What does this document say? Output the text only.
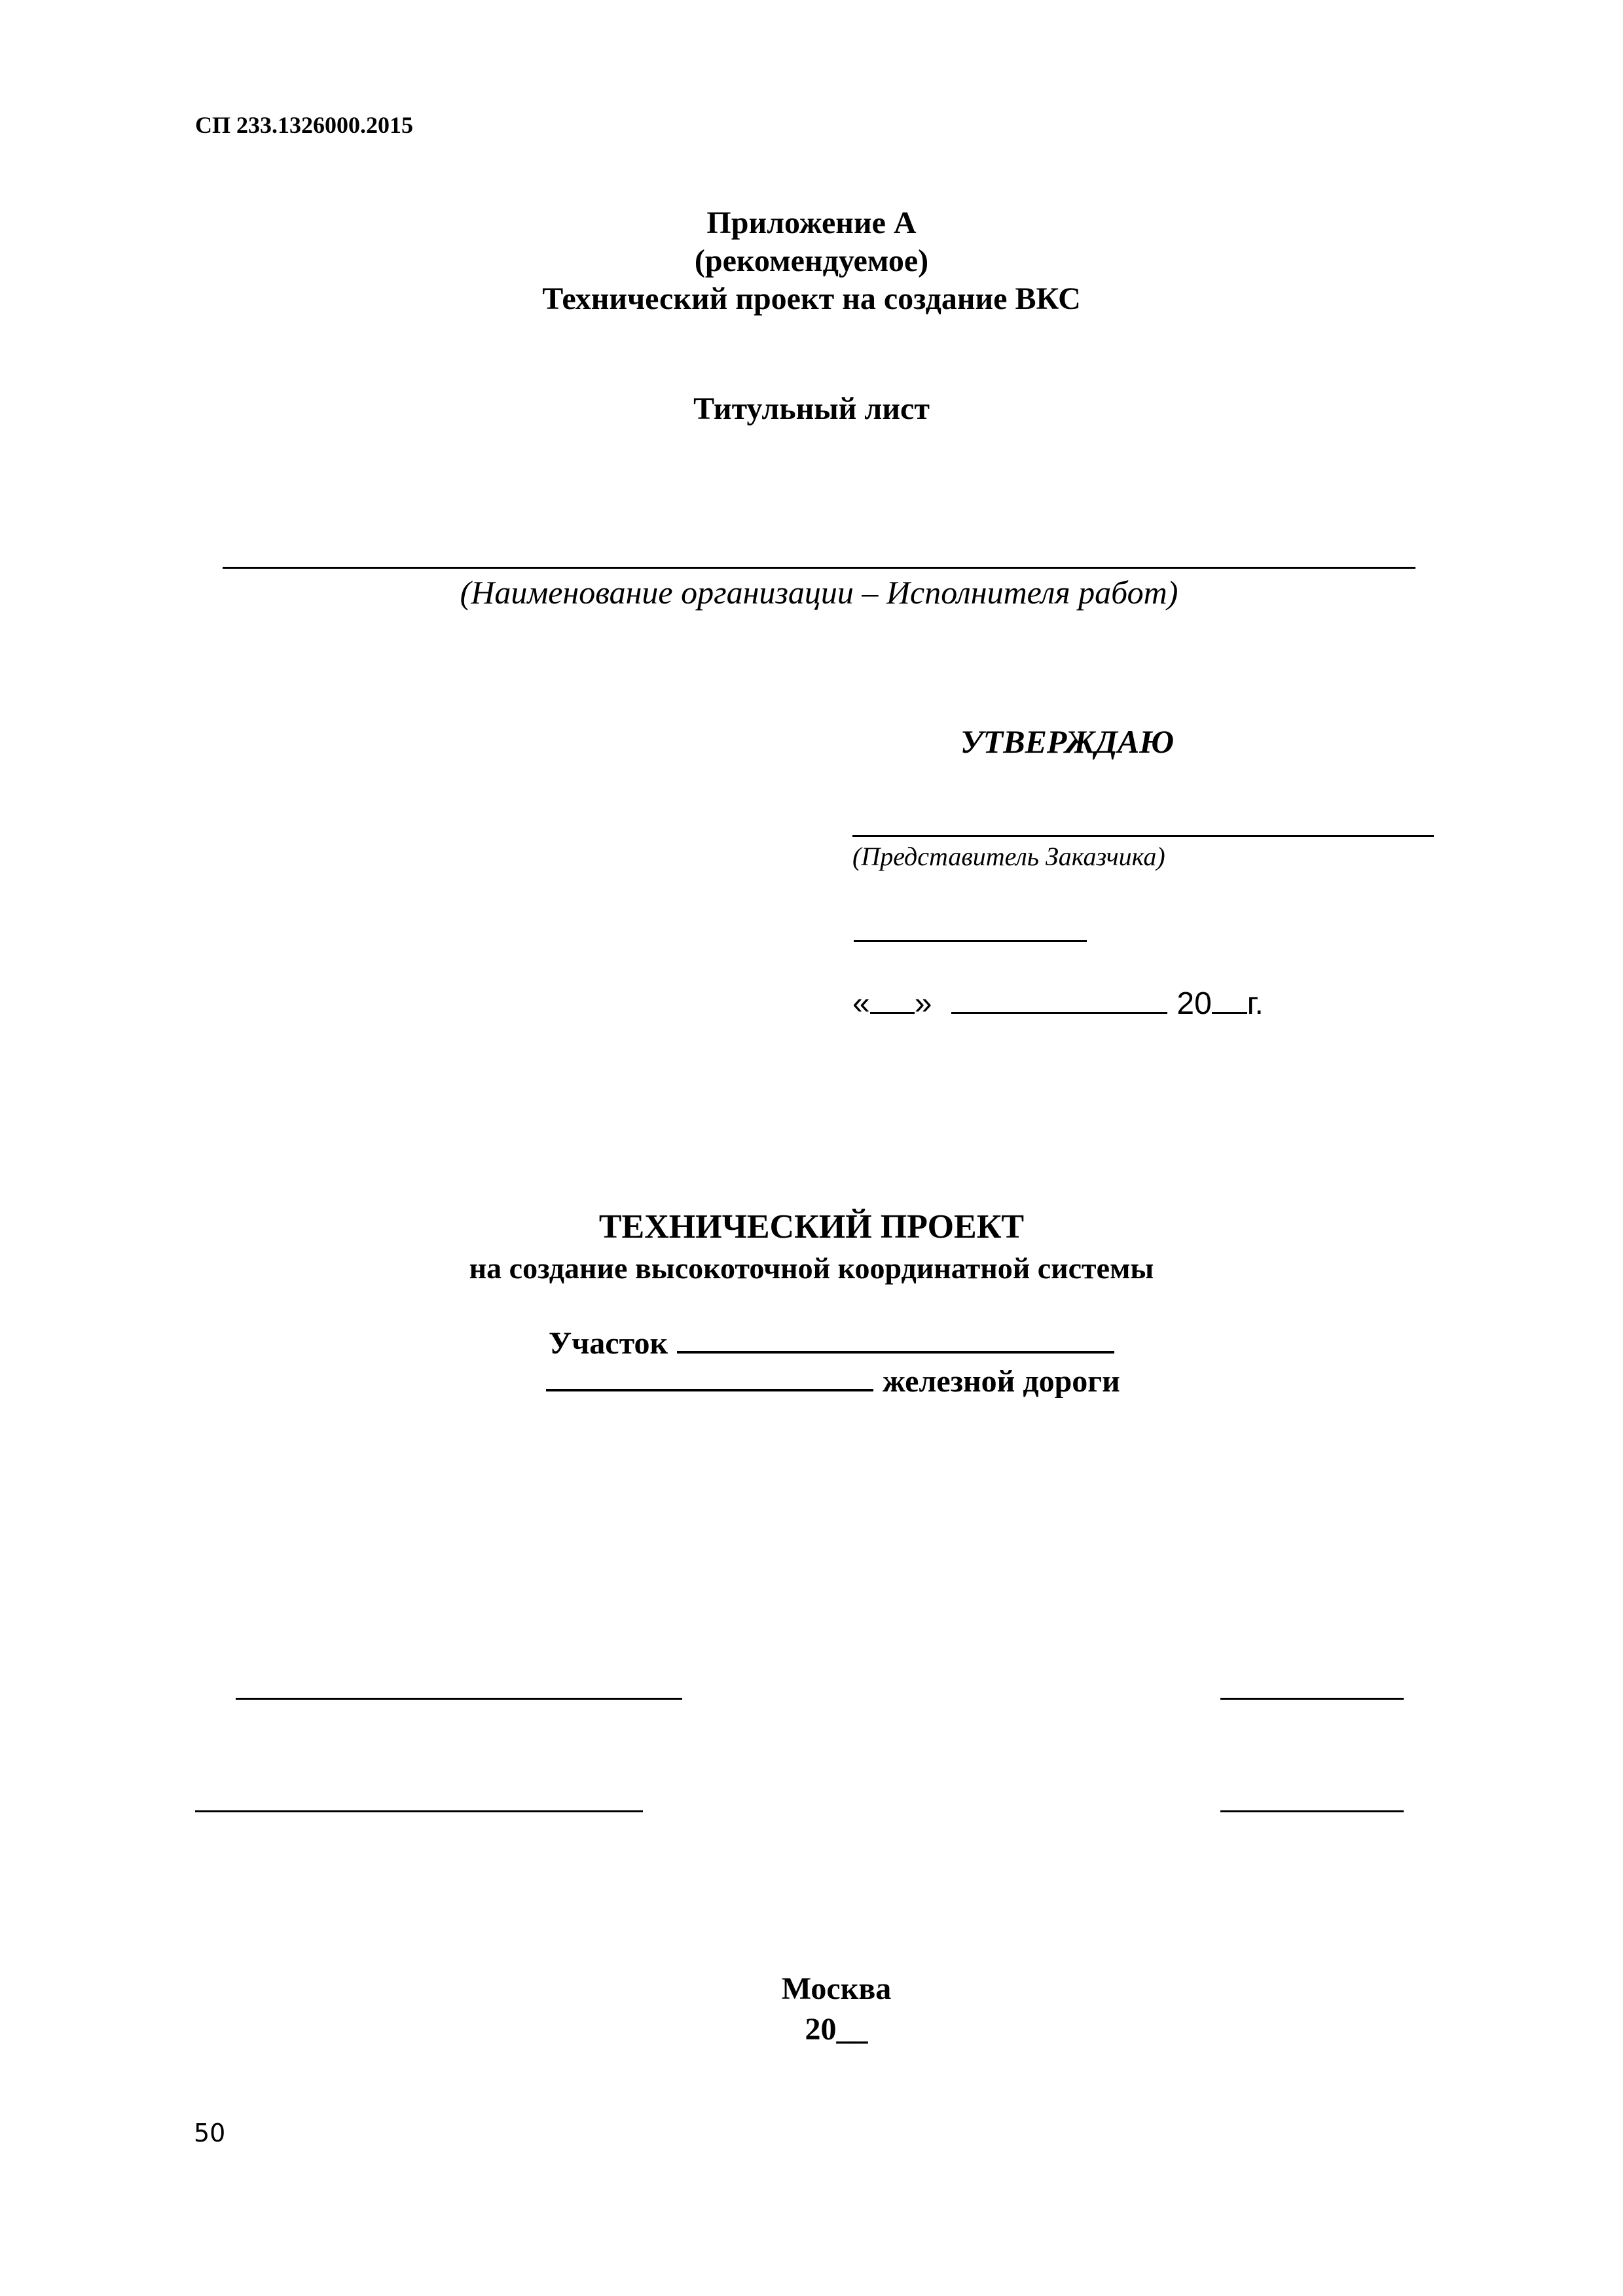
СП 233.1326000.2015
Приложение А
(рекомендуемое)
Технический проект на создание ВКС
Титульный лист
(Наименование организации – Исполнителя работ)
УТВЕРЖДАЮ
(Представитель Заказчика)
« »	20 г.
ТЕХНИЧЕСКИЙ ПРОЕКТ
на создание высокоточной координатной системы
Участок
железной дороги
Москва
20__
50
